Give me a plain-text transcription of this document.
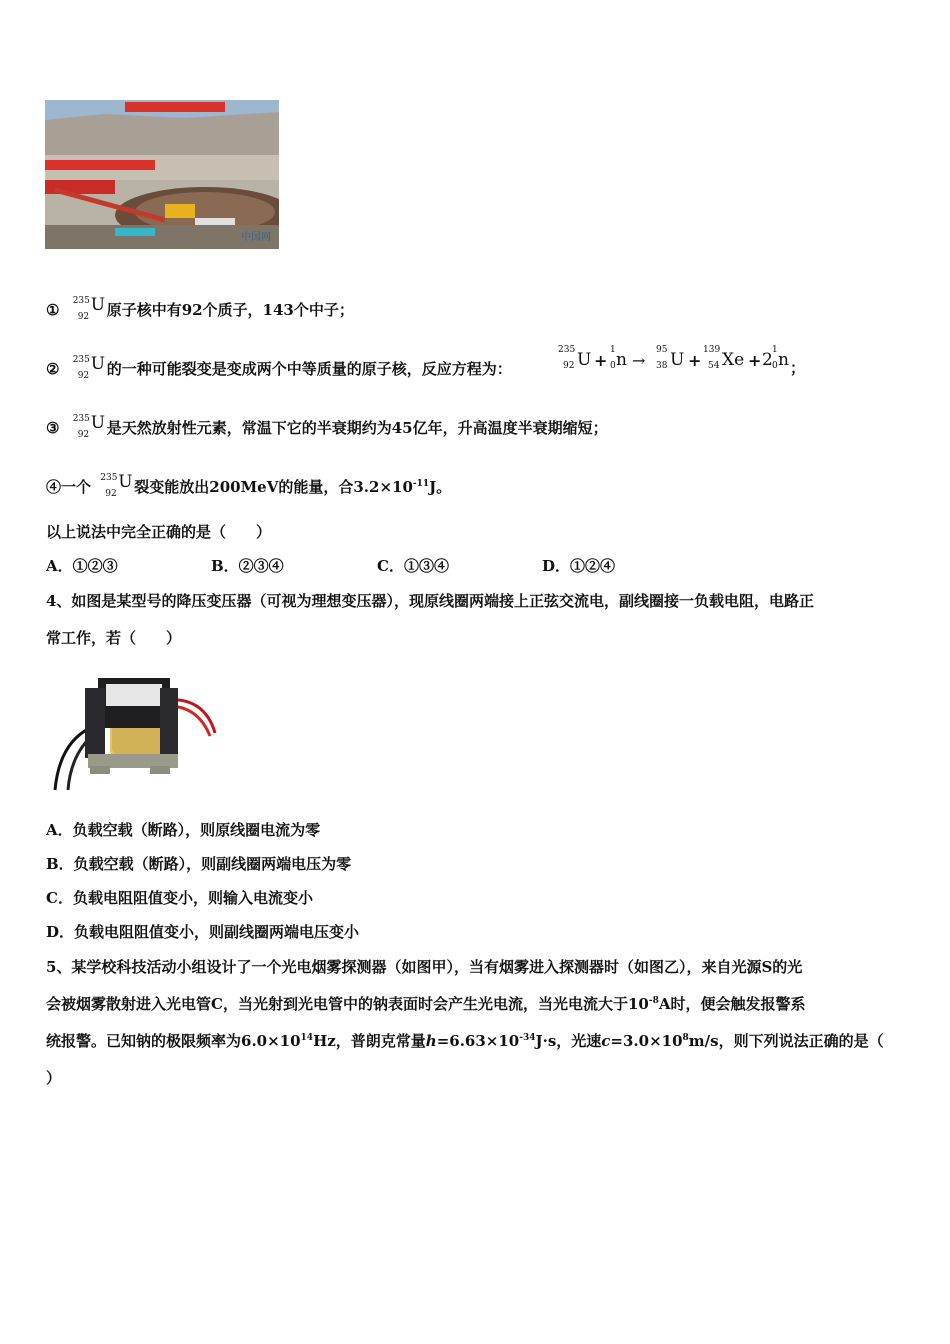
中国网
① 235
92
U 原子核中有92个质子，143个中子；
② 235
92
U 的一种可能裂变是变成两个中等质量的原子核，反应方程为：
235
92 U +
1
0 n →
95
38 U +
139
54 Xe + 2 1
0 n ；
③ 235
92
U 是天然放射性元素，常温下它的半衰期约为45亿年，升高温度半衰期缩短；
④一个 235
92
U 裂变能放出200MeV的能量，合$3.2\times 10^{-11}J$。
以上说法中完全正确的是（　　）
A．①②③	B．②③④	C．①③④	D．①②④
4、如图是某型号的降压变压器（可视为理想变压器），现原线圈两端接上正弦交流电，副线圈接一负载电阻，电路正
常工作，若（　　）
A．负载空载（断路），则原线圈电流为零
B．负载空载（断路），则副线圈两端电压为零
C．负载电阻阻值变小，则输入电流变小
D．负载电阻阻值变小，则副线圈两端电压变小
5、某学校科技活动小组设计了一个光电烟雾探测器（如图甲），当有烟雾进入探测器时（如图乙），来自光源S的光
会被烟雾散射进入光电管C，当光射到光电管中的钠表面时会产生光电流，当光电流大于$10^{-8}A$时，便会触发报警系
统报警。已知钠的极限频率为$6.0\times 10^{14}Hz$，普朗克常量$h=6.63\times 10^{-34}J\cdot s$，光速$c=3.0\times 10^8m/s$，则下列说法正确的是（
）
